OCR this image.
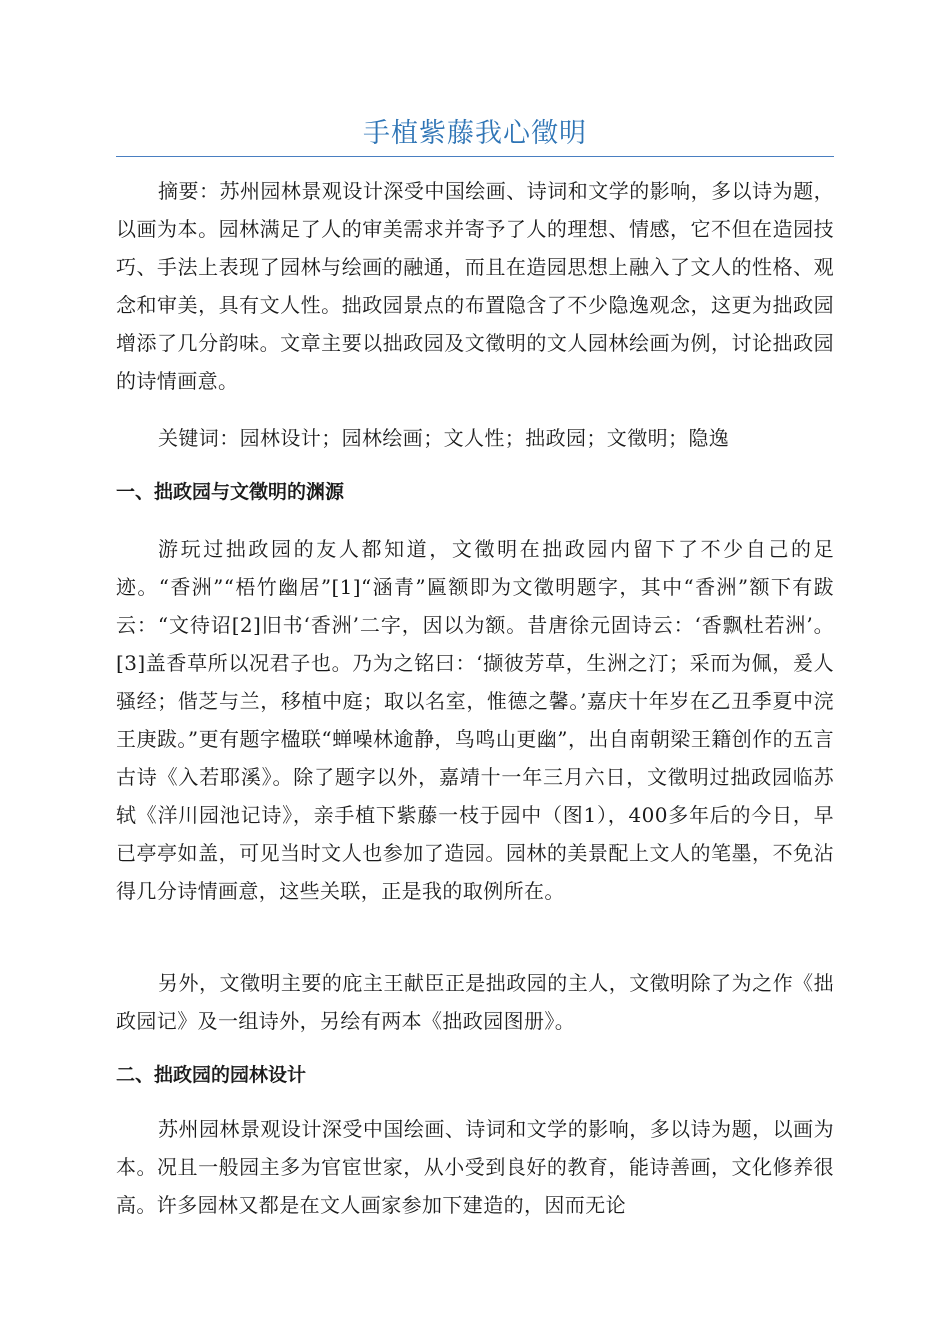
手植紫藤我心徵明

摘要：苏州园林景观设计深受中国绘画、诗词和文学的影响，多以诗为题，以画为本。园林满足了人的审美需求并寄予了人的理想、情感，它不但在造园技巧、手法上表现了园林与绘画的融通，而且在造园思想上融入了文人的性格、观念和审美，具有文人性。拙政园景点的布置隐含了不少隐逸观念，这更为拙政园增添了几分韵味。文章主要以拙政园及文徵明的文人园林绘画为例，讨论拙政园的诗情画意。

关键词：园林设计；园林绘画；文人性；拙政园；文徵明；隐逸

一、拙政园与文徵明的渊源

游玩过拙政园的友人都知道，文徵明在拙政园内留下了不少自己的足迹。“香洲”“梧竹幽居”[1]“涵青”匾额即为文徵明题字，其中“香洲”额下有跋云：“文待诏[2]旧书‘香洲’二字，因以为额。昔唐徐元固诗云：‘香飘杜若洲’。[3]盖香草所以况君子也。乃为之铭曰：‘撷彼芳草，生洲之汀；采而为佩，爰人骚经；偕芝与兰，移植中庭；取以名室，惟德之馨。’嘉庆十年岁在乙丑季夏中浣王庚跋。”更有题字楹联“蝉噪林逾静，鸟鸣山更幽”，出自南朝梁王籍创作的五言古诗《入若耶溪》。除了题字以外，嘉靖十一年三月六日，文徵明过拙政园临苏轼《洋川园池记诗》，亲手植下紫藤一枝于园中（图1），400多年后的今日，早已亭亭如盖，可见当时文人也参加了造园。园林的美景配上文人的笔墨，不免沾得几分诗情画意，这些关联，正是我的取例所在。

另外，文徵明主要的庇主王献臣正是拙政园的主人，文徵明除了为之作《拙政园记》及一组诗外，另绘有两本《拙政园图册》。

二、拙政园的园林设计

苏州园林景观设计深受中国绘画、诗词和文学的影响，多以诗为题，以画为本。况且一般园主多为官宦世家，从小受到良好的教育，能诗善画，文化修养很高。许多园林又都是在文人画家参加下建造的，因而无论
